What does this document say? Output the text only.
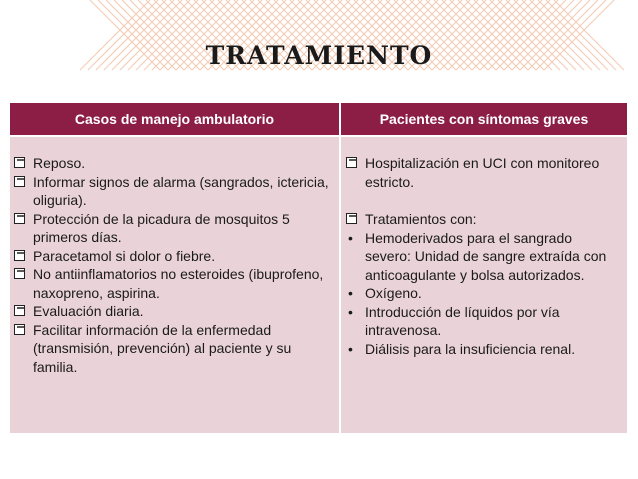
TRATAMIENTO
Casos de manejo ambulatorio	Pacientes con síntomas graves
Reposo.
Informar signos de alarma (sangrados, ictericia, oliguria).
Protección de la picadura de mosquitos 5 primeros días.
Paracetamol si dolor o fiebre.
No antiinflamatorios no esteroides (ibuprofeno, naxopreno, aspirina.
Evaluación diaria.
Facilitar información de la enfermedad (transmisión, prevención) al paciente y su familia.
Hospitalización en UCI con monitoreo estricto.
Tratamientos con:
• Hemoderivados para el sangrado severo: Unidad de sangre extraída con anticoagulante y bolsa autorizados.
• Oxígeno.
• Introducción de líquidos por vía intravenosa.
• Diálisis para la insuficiencia renal.
